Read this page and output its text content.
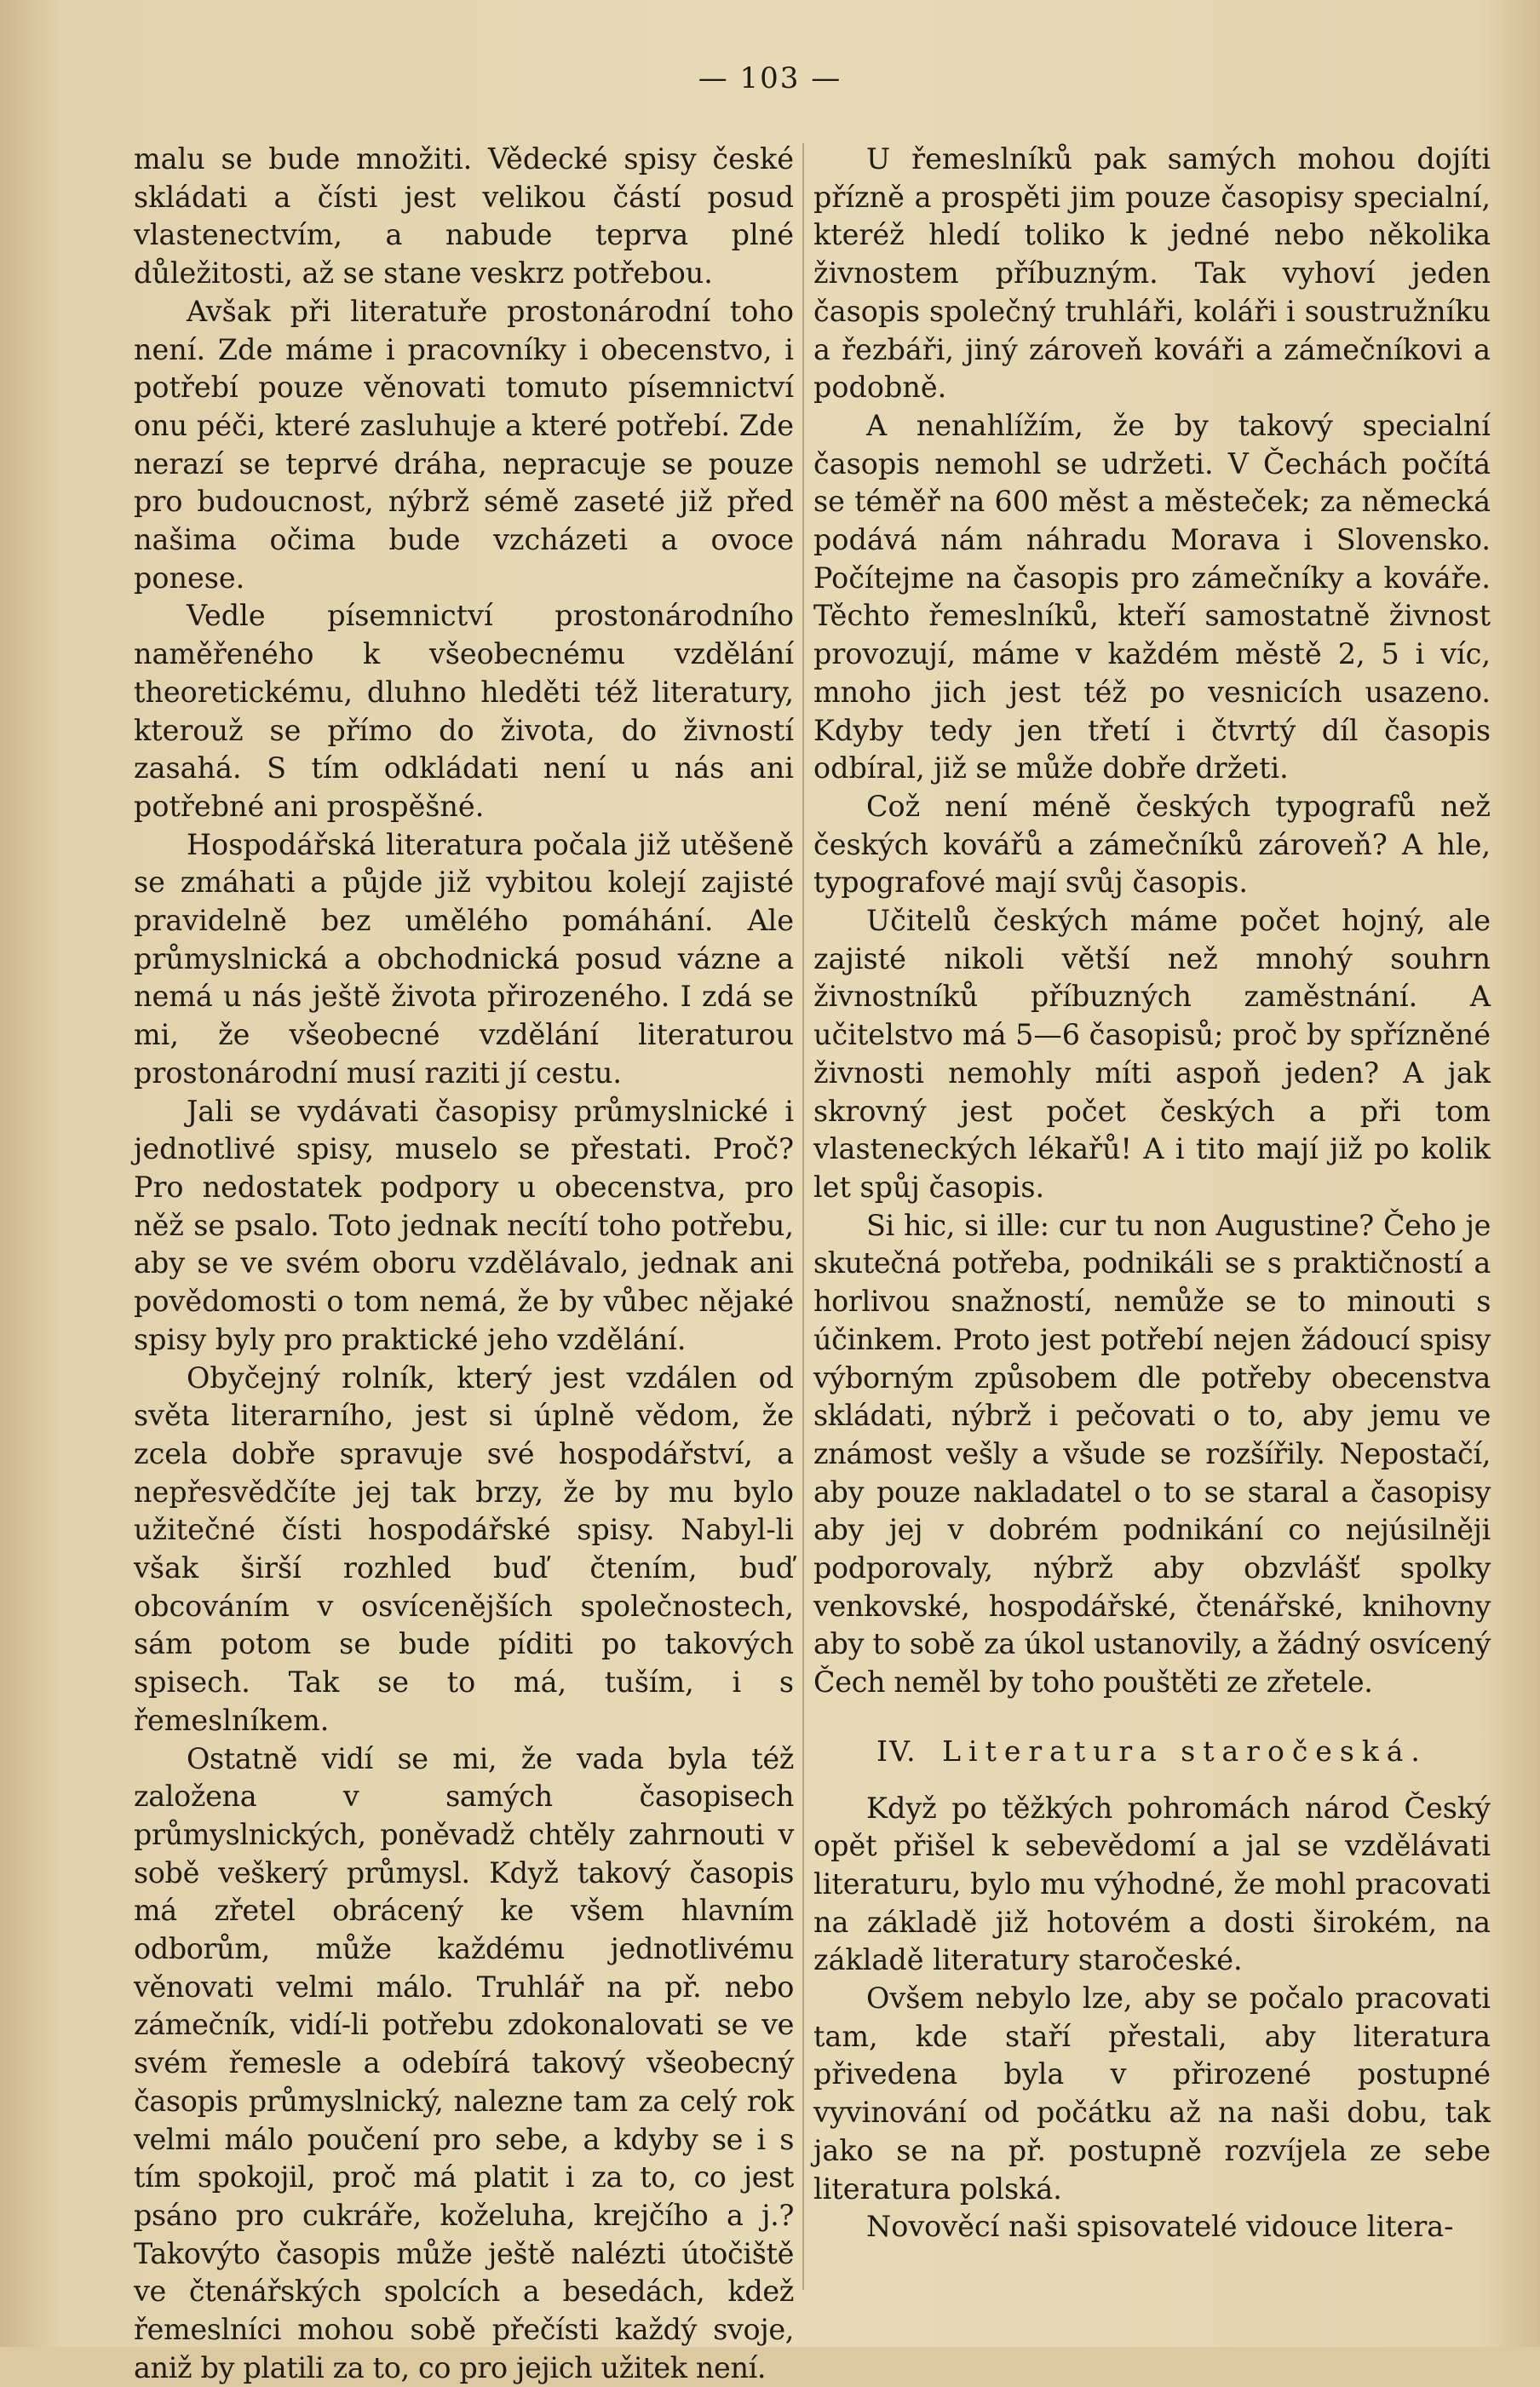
— 103 —

malu se bude množiti. Vědecké spisy české skládati a čísti jest velikou částí posud vlastenectvím, a nabude teprva plné důležitosti, až se stane veskrz potřebou.

Avšak při literatuře prostonárodní toho není. Zde máme i pracovníky i obecenstvo, i potřebí pouze věnovati tomuto písemnictví onu péči, které zasluhuje a které potřebí. Zde nerazí se teprvé dráha, nepracuje se pouze pro budoucnost, nýbrž sémě zaseté již před našima očima bude vzcházeti a ovoce ponese.

Vedle písemnictví prostonárodního naměřeného k všeobecnému vzdělání theoretickému, dluhno hleděti též literatury, kterouž se přímo do života, do živností zasahá. S tím odkládati není u nás ani potřebné ani prospěšné.

Hospodářská literatura počala již utěšeně se zmáhati a půjde již vybitou kolejí zajisté pravidelně bez umělého pomáhání. Ale průmyslnická a obchodnická posud vázne a nemá u nás ještě života přirozeného. I zdá se mi, že všeobecné vzdělání literaturou prostonárodní musí raziti jí cestu.

Jali se vydávati časopisy průmyslnické i jednotlivé spisy, muselo se přestati. Proč? Pro nedostatek podpory u obecenstva, pro něž se psalo. Toto jednak necítí toho potřebu, aby se ve svém oboru vzdělávalo, jednak ani povědomosti o tom nemá, že by vůbec nějaké spisy byly pro praktické jeho vzdělání.

Obyčejný rolník, který jest vzdálen od světa literarního, jest si úplně vědom, že zcela dobře spravuje své hospodářství, a nepřesvědčíte jej tak brzy, že by mu bylo užitečné čísti hospodářské spisy. Nabyl-li však širší rozhled buď čtením, buď obcováním v osvícenějších společnostech, sám potom se bude píditi po takových spisech. Tak se to má, tuším, i s řemeslníkem.

Ostatně vidí se mi, že vada byla též založena v samých časopisech průmyslnických, poněvadž chtěly zahrnouti v sobě veškerý průmysl. Když takový časopis má zřetel obrácený ke všem hlavním odborům, může každému jednotlivému věnovati velmi málo. Truhlář na př. nebo zámečník, vidí-li potřebu zdokonalovati se ve svém řemesle a odebírá takový všeobecný časopis průmyslnický, nalezne tam za celý rok velmi málo poučení pro sebe, a kdyby se i s tím spokojil, proč má platit i za to, co jest psáno pro cukráře, koželuha, krejčího a j.? Takovýto časopis může ještě nalézti útočiště ve čtenářských spolcích a besedách, kdež řemeslníci mohou sobě přečísti každý svoje, aniž by platili za to, co pro jejich užitek není.

U řemeslníků pak samých mohou dojíti přízně a prospěti jim pouze časopisy specialní, kteréž hledí toliko k jedné nebo několika živnostem příbuzným. Tak vyhoví jeden časopis společný truhláři, koláři i soustružníku a řezbáři, jiný zároveň kováři a zámečníkovi a podobně.

A nenahlížím, že by takový specialní časopis nemohl se udržeti. V Čechách počítá se téměř na 600 měst a městeček; za německá podává nám náhradu Morava i Slovensko. Počítejme na časopis pro zámečníky a kováře. Těchto řemeslníků, kteří samostatně živnost provozují, máme v každém městě 2, 5 i víc, mnoho jich jest též po vesnicích usazeno. Kdyby tedy jen třetí i čtvrtý díl časopis odbíral, již se může dobře držeti.

Což není méně českých typografů než českých kovářů a zámečníků zároveň? A hle, typografové mají svůj časopis.

Učitelů českých máme počet hojný, ale zajisté nikoli větší než mnohý souhrn živnostníků příbuzných zaměstnání. A učitelstvo má 5—6 časopisů; proč by spřízněné živnosti nemohly míti aspoň jeden? A jak skrovný jest počet českých a při tom vlasteneckých lékařů! A i tito mají již po kolik let spůj časopis.

Si hic, si ille: cur tu non Augustine? Čeho je skutečná potřeba, podnikáli se s praktičností a horlivou snažností, nemůže se to minouti s účinkem. Proto jest potřebí nejen žádoucí spisy výborným způsobem dle potřeby obecenstva skládati, nýbrž i pečovati o to, aby jemu ve známost vešly a všude se rozšířily. Nepostačí, aby pouze nakladatel o to se staral a časopisy aby jej v dobrém podnikání co nejúsilněji podporovaly, nýbrž aby obzvlášť spolky venkovské, hospodářské, čtenářské, knihovny aby to sobě za úkol ustanovily, a žádný osvícený Čech neměl by toho pouštěti ze zřetele.

IV. Literatura staročeská.

Když po těžkých pohromách národ Český opět přišel k sebevědomí a jal se vzdělávati literaturu, bylo mu výhodné, že mohl pracovati na základě již hotovém a dosti širokém, na základě literatury staročeské.

Ovšem nebylo lze, aby se počalo pracovati tam, kde staří přestali, aby literatura přivedena byla v přirozené postupné vyvinování od počátku až na naši dobu, tak jako se na př. postupně rozvíjela ze sebe literatura polská.

Novověcí naši spisovatelé vidouce litera-
